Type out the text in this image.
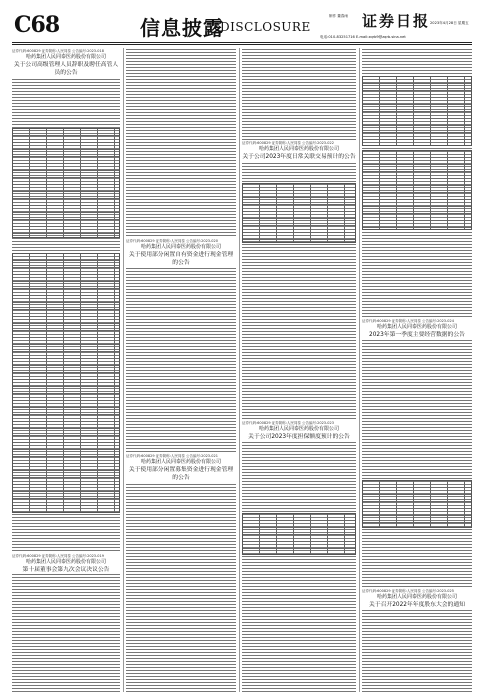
C68	信息披露
DISCLOSURE
制作 董春雨 证券日报 2023年4月28日 星期五
电话:010-83251716 E-mail:zqrb9@zqrb.sina.net
证券代码:600829 证券简称:人民同泰 公告编号:2023-018
哈药集团人民同泰医药股份有限公司
关于公司高级管理人员辞职及聘任高管人员的公告
证券代码:600829 证券简称:人民同泰 公告编号:2023-019
哈药集团人民同泰医药股份有限公司
第十届董事会第九次会议决议公告
证券代码:600829 证券简称:人民同泰 公告编号:2023-020
哈药集团人民同泰医药股份有限公司
关于使用部分闲置自有资金进行现金管理的公告
证券代码:600829 证券简称:人民同泰 公告编号:2023-021
哈药集团人民同泰医药股份有限公司
关于使用部分闲置募集资金进行现金管理的公告
证券代码:600829 证券简称:人民同泰 公告编号:2023-022
哈药集团人民同泰医药股份有限公司
关于公司2023年度日常关联交易预计的公告
证券代码:600829 证券简称:人民同泰 公告编号:2023-023
哈药集团人民同泰医药股份有限公司
关于公司2023年度担保额度预计的公告
证券代码:600829 证券简称:人民同泰 公告编号:2023-024
哈药集团人民同泰医药股份有限公司
2023年第一季度主要经营数据的公告
证券代码:600829 证券简称:人民同泰 公告编号:2023-025
哈药集团人民同泰医药股份有限公司
关于召开2022年年度股东大会的通知
